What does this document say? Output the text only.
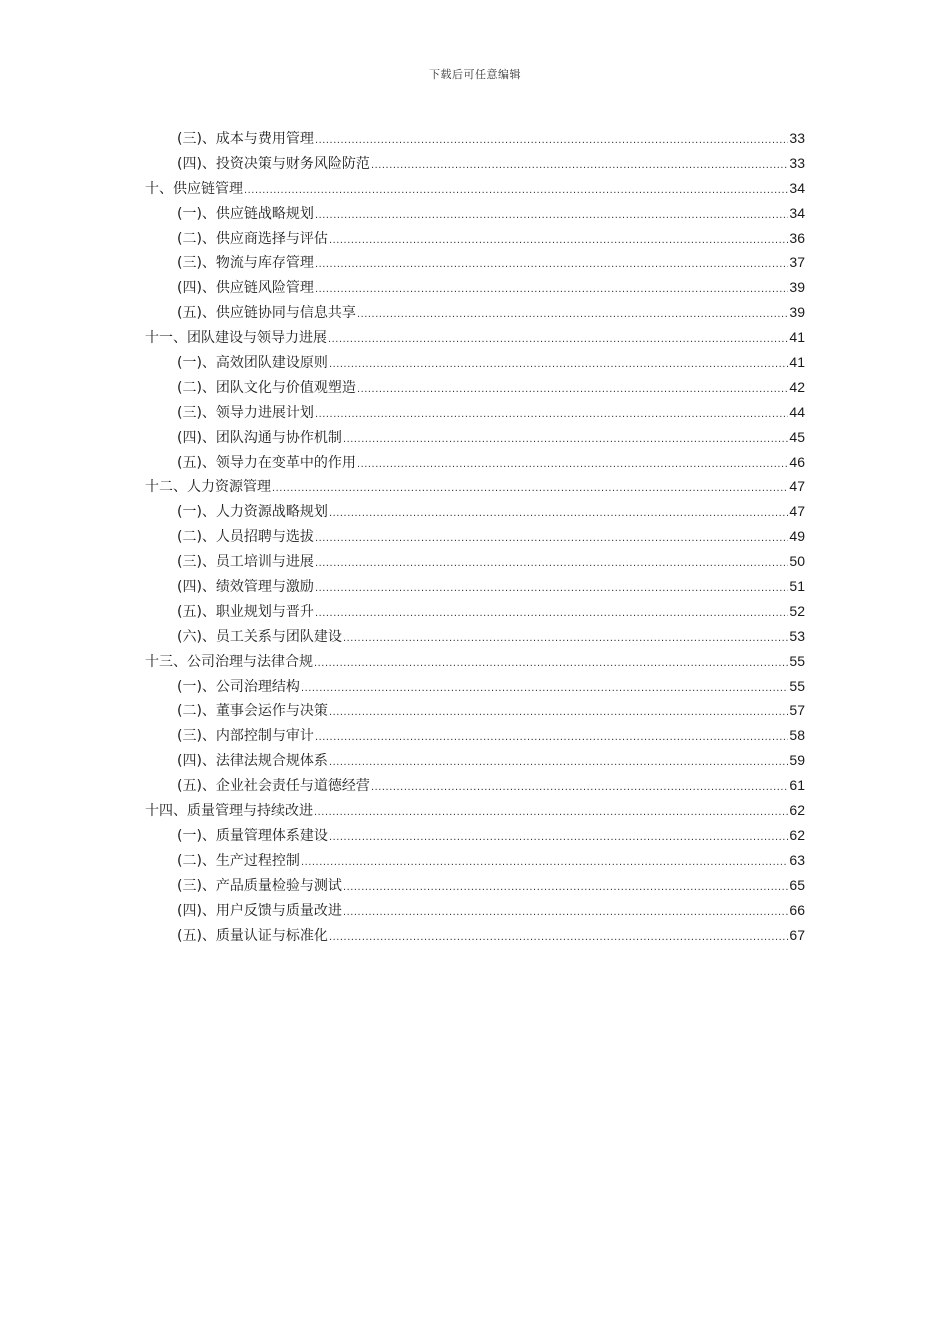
下载后可任意编辑
(三)、成本与费用管理 .....	33
(四)、投资决策与财务风险防范 .....	33
十、供应链管理 .....	34
(一)、供应链战略规划 .....	34
(二)、供应商选择与评估 .....	36
(三)、物流与库存管理 .....	37
(四)、供应链风险管理 .....	39
(五)、供应链协同与信息共享 .....	39
十一、团队建设与领导力进展 .....	41
(一)、高效团队建设原则 .....	41
(二)、团队文化与价值观塑造 .....	42
(三)、领导力进展计划 .....	44
(四)、团队沟通与协作机制 .....	45
(五)、领导力在变革中的作用 .....	46
十二、人力资源管理 .....	47
(一)、人力资源战略规划 .....	47
(二)、人员招聘与选拔 .....	49
(三)、员工培训与进展 .....	50
(四)、绩效管理与激励 .....	51
(五)、职业规划与晋升 .....	52
(六)、员工关系与团队建设 .....	53
十三、公司治理与法律合规 .....	55
(一)、公司治理结构 .....	55
(二)、董事会运作与决策 .....	57
(三)、内部控制与审计 .....	58
(四)、法律法规合规体系 .....	59
(五)、企业社会责任与道德经营 .....	61
十四、质量管理与持续改进 .....	62
(一)、质量管理体系建设 .....	62
(二)、生产过程控制 .....	63
(三)、产品质量检验与测试 .....	65
(四)、用户反馈与质量改进 .....	66
(五)、质量认证与标准化 .....	67
